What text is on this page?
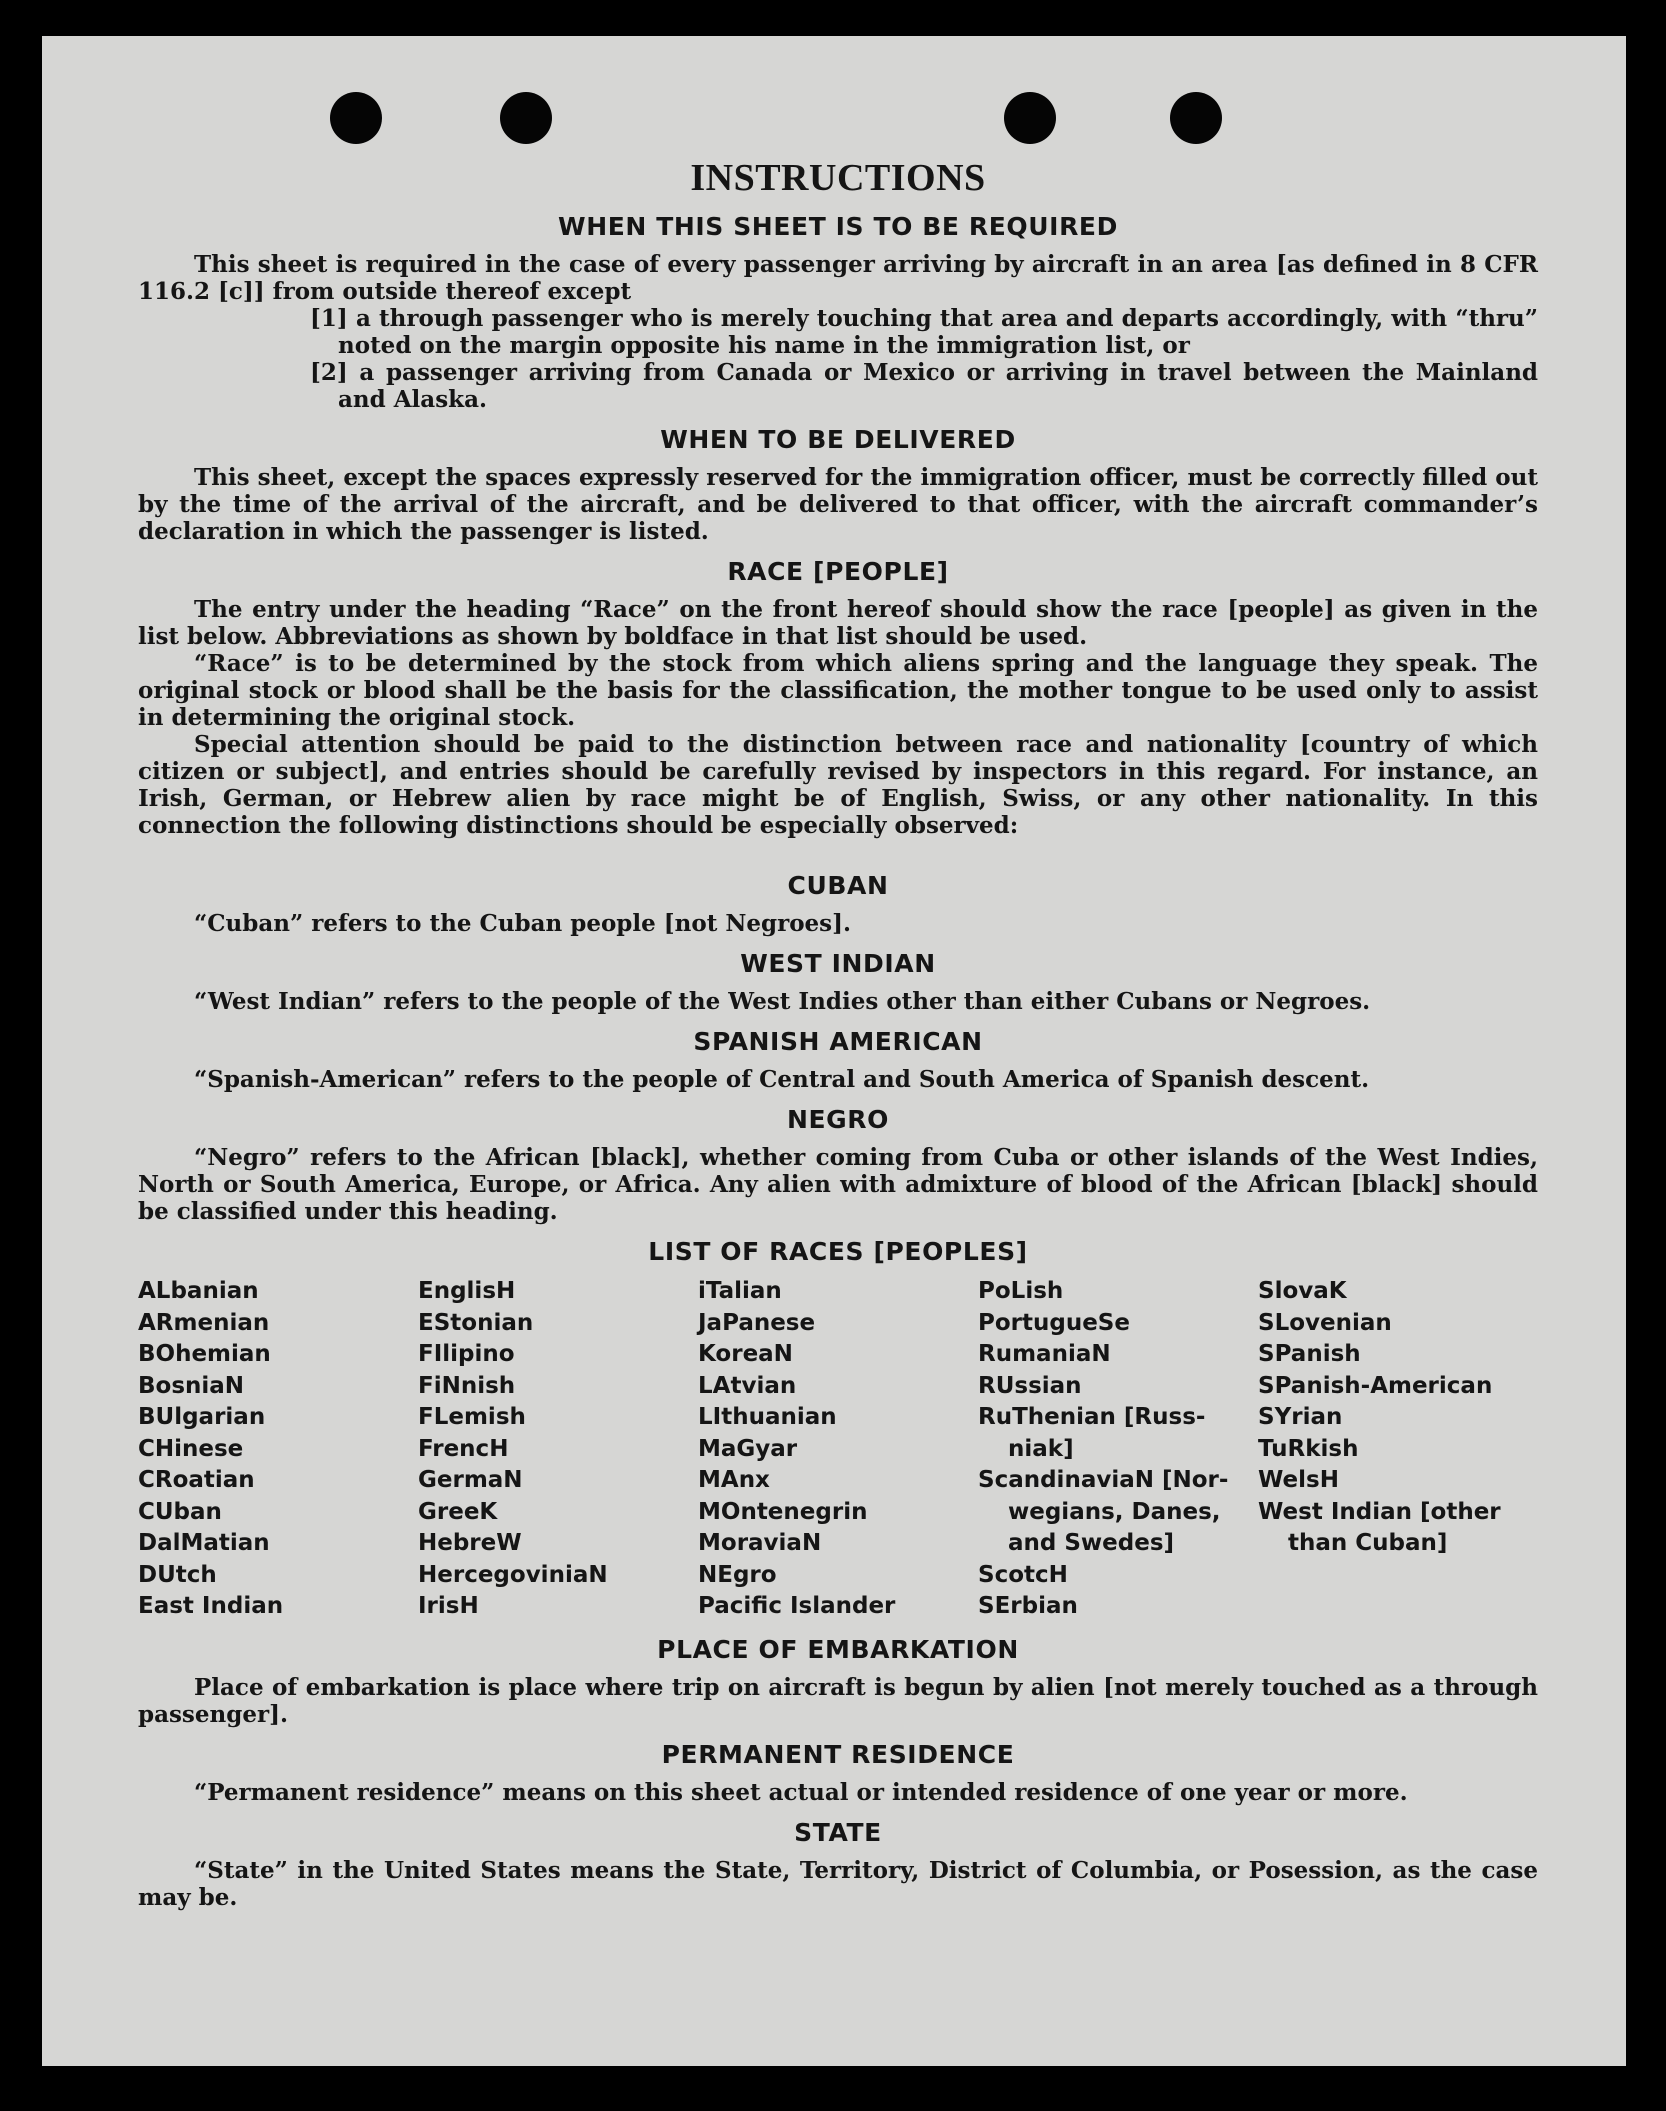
INSTRUCTIONS
WHEN THIS SHEET IS TO BE REQUIRED

This sheet is required in the case of every passenger arriving by aircraft in an area [as defined in 8 CFR 116.2 [c]] from outside thereof except

[1] a through passenger who is merely touching that area and departs accordingly, with “thru” noted on the margin opposite his name in the immigration list, or
[2] a passenger arriving from Canada or Mexico or arriving in travel between the Mainland and Alaska.
WHEN TO BE DELIVERED

This sheet, except the spaces expressly reserved for the immigration officer, must be correctly filled out by the time of the arrival of the aircraft, and be delivered to that officer, with the aircraft commander’s declaration in which the passenger is listed.

RACE [PEOPLE]

The entry under the heading “Race” on the front hereof should show the race [people] as given in the list below. Abbreviations as shown by boldface in that list should be used.

“Race” is to be determined by the stock from which aliens spring and the language they speak. The original stock or blood shall be the basis for the classification, the mother tongue to be used only to assist in determining the original stock.

Special attention should be paid to the distinction between race and nationality [country of which citizen or subject], and entries should be carefully revised by inspectors in this regard. For instance, an Irish, German, or Hebrew alien by race might be of English, Swiss, or any other nationality. In this connection the following distinctions should be especially observed:

CUBAN

“Cuban” refers to the Cuban people [not Negroes].

WEST INDIAN

“West Indian” refers to the people of the West Indies other than either Cubans or Negroes.

SPANISH AMERICAN

“Spanish-American” refers to the people of Central and South America of Spanish descent.

NEGRO

“Negro” refers to the African [black], whether coming from Cuba or other islands of the West Indies, North or South America, Europe, or Africa. Any alien with admixture of blood of the African [black] should be classified under this heading.

LIST OF RACES [PEOPLES]
ALbanian
ARmenian
BOhemian
BosniaN
BUlgarian
CHinese
CRoatian
CUban
DalMatian
DUtch
East Indian
EnglisH
EStonian
FIlipino
FiNnish
FLemish
FrencH
GermaN
GreeK
HebreW
HercegoviniaN
IrisH
iTalian
JaPanese
KoreaN
LAtvian
LIthuanian
MaGyar
MAnx
MOntenegrin
MoraviaN
NEgro
Pacific Islander
PoLish
PortugueSe
RumaniaN
RUssian
RuThenian [Russ-
niak]
ScandinaviaN [Nor-
wegians, Danes,
and Swedes]
ScotcH
SErbian
SlovaK
SLovenian
SPanish
SPanish-American
SYrian
TuRkish
WelsH
West Indian [other
than Cuban]
PLACE OF EMBARKATION

Place of embarkation is place where trip on aircraft is begun by alien [not merely touched as a through passenger].

PERMANENT RESIDENCE

“Permanent residence” means on this sheet actual or intended residence of one year or more.

STATE

“State” in the United States means the State, Territory, District of Columbia, or Posession, as the case may be.
